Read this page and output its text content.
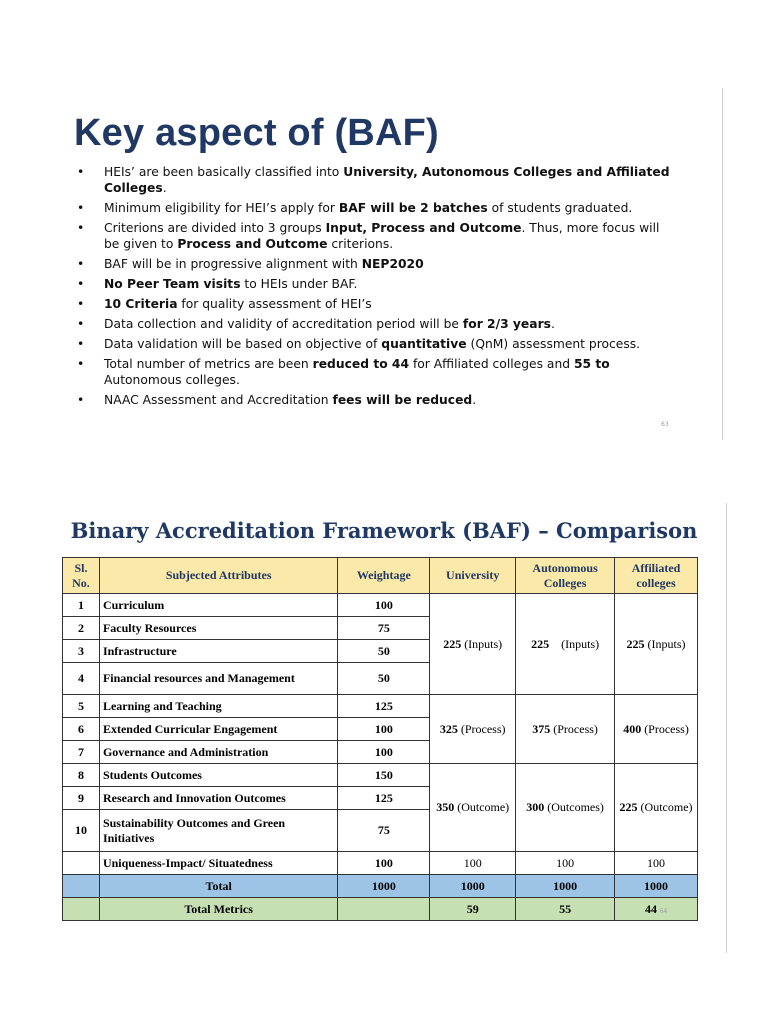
Key aspect of (BAF)
• HEIs’ are been basically classified into University, Autonomous Colleges and Affiliated Colleges.
• Minimum eligibility for HEI’s apply for BAF will be 2 batches of students graduated.
• Criterions are divided into 3 groups Input, Process and Outcome. Thus, more focus will be given to Process and Outcome criterions.
• BAF will be in progressive alignment with NEP2020
• No Peer Team visits to HEIs under BAF.
• 10 Criteria for quality assessment of HEI’s
• Data collection and validity of accreditation period will be for 2/3 years.
• Data validation will be based on objective of quantitative (QnM) assessment process.
• Total number of metrics are been reduced to 44 for Affiliated colleges and 55 to Autonomous colleges.
• NAAC Assessment and Accreditation fees will be reduced.
63
Binary Accreditation Framework (BAF) – Comparison
Sl. No.	Subjected Attributes	Weightage	University	Autonomous Colleges	Affiliated colleges
1	Curriculum	100	225 (Inputs)	225    (Inputs)	225 (Inputs)
2	Faculty Resources	75			
3	Infrastructure	50			
4	Financial resources and Management	50			
5	Learning and Teaching	125	325 (Process)	375 (Process)	400 (Process)
6	Extended Curricular Engagement	100			
7	Governance and Administration	100			
8	Students Outcomes	150	350 (Outcome)	300 (Outcomes)	225 (Outcome)
9	Research and Innovation Outcomes	125			
10	Sustainability Outcomes and Green Initiatives	75			
	Uniqueness-Impact/ Situatedness	100	100	100	100
	Total	1000	1000	1000	1000
	Total Metrics		59	55	44 64
